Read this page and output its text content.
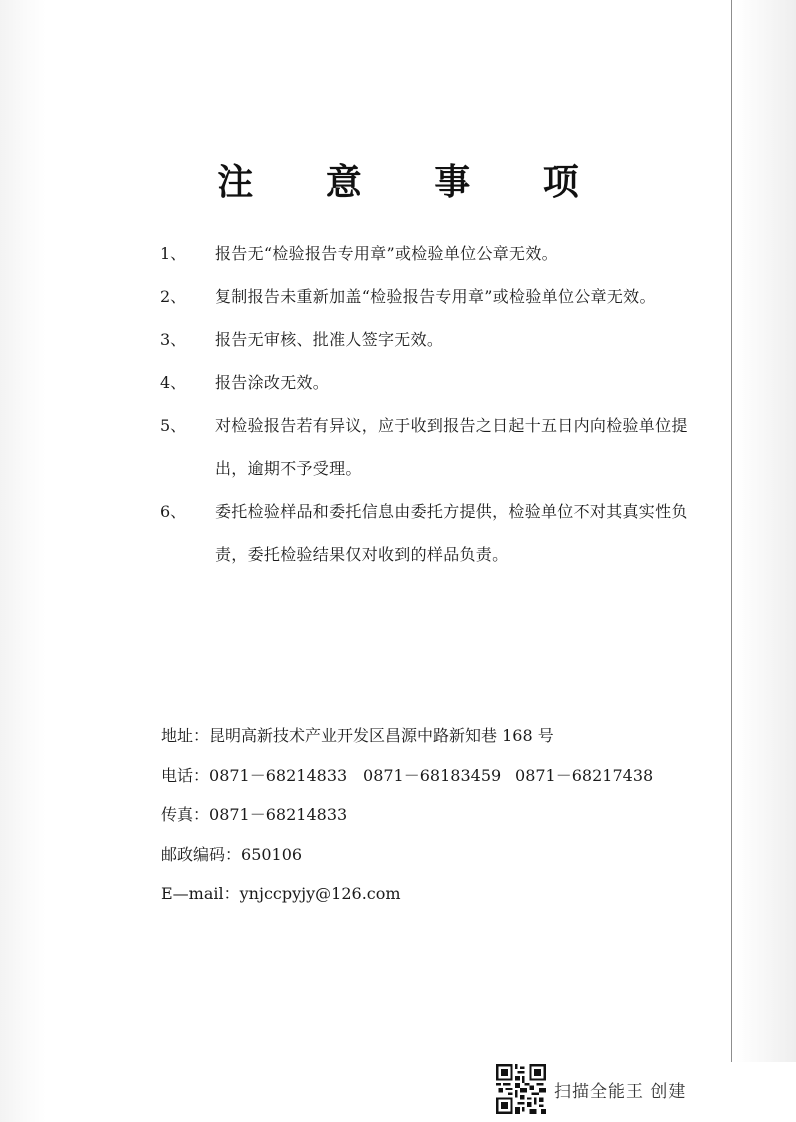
注 意 事 项
1、	报告无“检验报告专用章”或检验单位公章无效。
2、	复制报告未重新加盖“检验报告专用章”或检验单位公章无效。
3、	报告无审核、批准人签字无效。
4、	报告涂改无效。
5、	对检验报告若有异议，应于收到报告之日起十五日内向检验单位提出，逾期不予受理。
6、	委托检验样品和委托信息由委托方提供，检验单位不对其真实性负责，委托检验结果仅对收到的样品负责。
地址：昆明高新技术产业开发区昌源中路新知巷 168 号
电话：0871－68214833 0871－68183459 0871－68217438
传真：0871－68214833
邮政编码：650106
E—mail：ynjccpyjy@126.com
扫描全能王 创建
